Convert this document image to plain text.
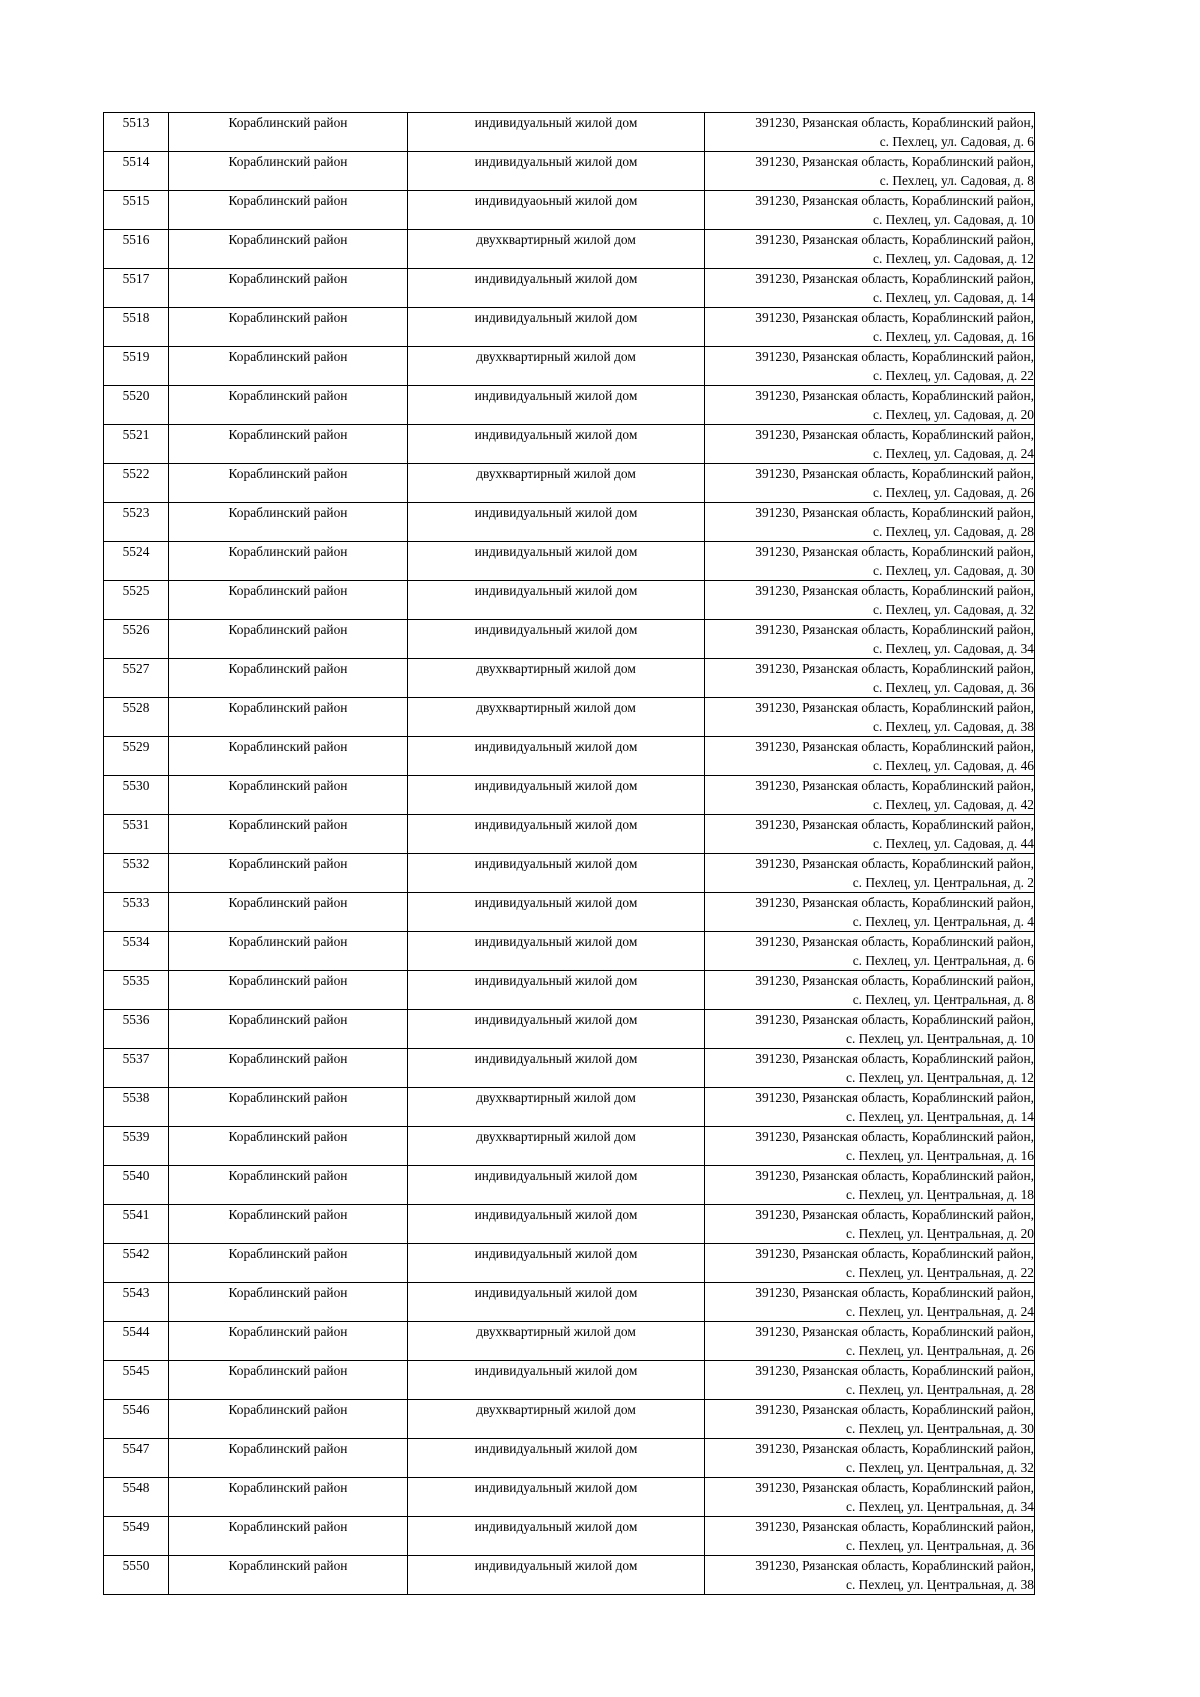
5513	Кораблинский район	индивидуальный жилой дом	391230, Рязанская область, Кораблинский район,
с. Пехлец, ул. Садовая, д. 6

5514	Кораблинский район	индивидуальный жилой дом	391230, Рязанская область, Кораблинский район,
с. Пехлец, ул. Садовая, д. 8

5515	Кораблинский район	индивидуаоьный жилой дом	391230, Рязанская область, Кораблинский район,
с. Пехлец, ул. Садовая, д. 10

5516	Кораблинский район	двухквартирный жилой дом	391230, Рязанская область, Кораблинский район,
с. Пехлец, ул. Садовая, д. 12

5517	Кораблинский район	индивидуальный жилой дом	391230, Рязанская область, Кораблинский район,
с. Пехлец, ул. Садовая, д. 14

5518	Кораблинский район	индивидуальный жилой дом	391230, Рязанская область, Кораблинский район,
с. Пехлец, ул. Садовая, д. 16

5519	Кораблинский район	двухквартирный жилой дом	391230, Рязанская область, Кораблинский район,
с. Пехлец, ул. Садовая, д. 22

5520	Кораблинский район	индивидуальный жилой дом	391230, Рязанская область, Кораблинский район,
с. Пехлец, ул. Садовая, д. 20

5521	Кораблинский район	индивидуальный жилой дом	391230, Рязанская область, Кораблинский район,
с. Пехлец, ул. Садовая, д. 24

5522	Кораблинский район	двухквартирный жилой дом	391230, Рязанская область, Кораблинский район,
с. Пехлец, ул. Садовая, д. 26

5523	Кораблинский район	индивидуальный жилой дом	391230, Рязанская область, Кораблинский район,
с. Пехлец, ул. Садовая, д. 28

5524	Кораблинский район	индивидуальный жилой дом	391230, Рязанская область, Кораблинский район,
с. Пехлец, ул. Садовая, д. 30

5525	Кораблинский район	индивидуальный жилой дом	391230, Рязанская область, Кораблинский район,
с. Пехлец, ул. Садовая, д. 32

5526	Кораблинский район	индивидуальный жилой дом	391230, Рязанская область, Кораблинский район,
с. Пехлец, ул. Садовая, д. 34

5527	Кораблинский район	двухквартирный жилой дом	391230, Рязанская область, Кораблинский район,
с. Пехлец, ул. Садовая, д. 36

5528	Кораблинский район	двухквартирный жилой дом	391230, Рязанская область, Кораблинский район,
с. Пехлец, ул. Садовая, д. 38

5529	Кораблинский район	индивидуальный жилой дом	391230, Рязанская область, Кораблинский район,
с. Пехлец, ул. Садовая, д. 46

5530	Кораблинский район	индивидуальный жилой дом	391230, Рязанская область, Кораблинский район,
с. Пехлец, ул. Садовая, д. 42

5531	Кораблинский район	индивидуальный жилой дом	391230, Рязанская область, Кораблинский район,
с. Пехлец, ул. Садовая, д. 44

5532	Кораблинский район	индивидуальный жилой дом	391230, Рязанская область, Кораблинский район,
с. Пехлец, ул. Центральная, д. 2

5533	Кораблинский район	индивидуальный жилой дом	391230, Рязанская область, Кораблинский район,
с. Пехлец, ул. Центральная, д. 4

5534	Кораблинский район	индивидуальный жилой дом	391230, Рязанская область, Кораблинский район,
с. Пехлец, ул. Центральная, д. 6

5535	Кораблинский район	индивидуальный жилой дом	391230, Рязанская область, Кораблинский район,
с. Пехлец, ул. Центральная, д. 8

5536	Кораблинский район	индивидуальный жилой дом	391230, Рязанская область, Кораблинский район,
с. Пехлец, ул. Центральная, д. 10

5537	Кораблинский район	индивидуальный жилой дом	391230, Рязанская область, Кораблинский район,
с. Пехлец, ул. Центральная, д. 12

5538	Кораблинский район	двухквартирный жилой дом	391230, Рязанская область, Кораблинский район,
с. Пехлец, ул. Центральная, д. 14

5539	Кораблинский район	двухквартирный жилой дом	391230, Рязанская область, Кораблинский район,
с. Пехлец, ул. Центральная, д. 16

5540	Кораблинский район	индивидуальный жилой дом	391230, Рязанская область, Кораблинский район,
с. Пехлец, ул. Центральная, д. 18

5541	Кораблинский район	индивидуальный жилой дом	391230, Рязанская область, Кораблинский район,
с. Пехлец, ул. Центральная, д. 20

5542	Кораблинский район	индивидуальный жилой дом	391230, Рязанская область, Кораблинский район,
с. Пехлец, ул. Центральная, д. 22

5543	Кораблинский район	индивидуальный жилой дом	391230, Рязанская область, Кораблинский район,
с. Пехлец, ул. Центральная, д. 24

5544	Кораблинский район	двухквартирный жилой дом	391230, Рязанская область, Кораблинский район,
с. Пехлец, ул. Центральная, д. 26

5545	Кораблинский район	индивидуальный жилой дом	391230, Рязанская область, Кораблинский район,
с. Пехлец, ул. Центральная, д. 28

5546	Кораблинский район	двухквартирный жилой дом	391230, Рязанская область, Кораблинский район,
с. Пехлец, ул. Центральная, д. 30

5547	Кораблинский район	индивидуальный жилой дом	391230, Рязанская область, Кораблинский район,
с. Пехлец, ул. Центральная, д. 32

5548	Кораблинский район	индивидуальный жилой дом	391230, Рязанская область, Кораблинский район,
с. Пехлец, ул. Центральная, д. 34

5549	Кораблинский район	индивидуальный жилой дом	391230, Рязанская область, Кораблинский район,
с. Пехлец, ул. Центральная, д. 36

5550	Кораблинский район	индивидуальный жилой дом	391230, Рязанская область, Кораблинский район,
с. Пехлец, ул. Центральная, д. 38
